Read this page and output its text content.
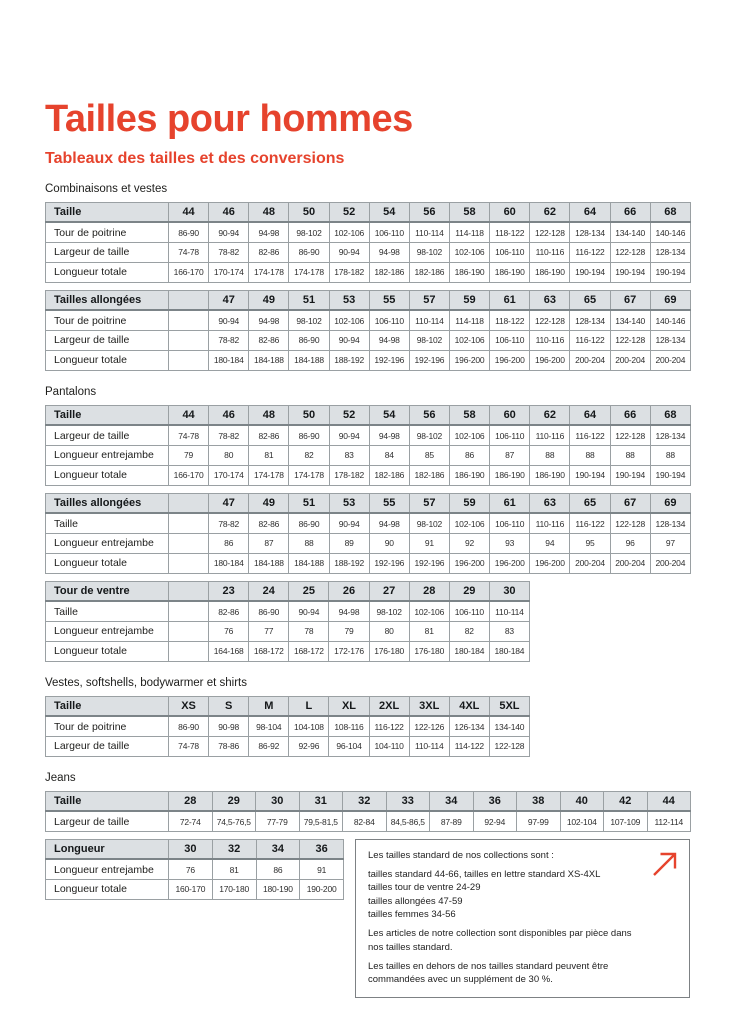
Tailles pour hommes
Tableaux des tailles et des conversions
Combinaisons et vestes
Taille	44	46	48	50	52	54	56	58	60	62	64	66	68
Tour de poitrine	86-90	90-94	94-98	98-102	102-106	106-110	110-114	114-118	118-122	122-128	128-134	134-140	140-146
Largeur de taille	74-78	78-82	82-86	86-90	90-94	94-98	98-102	102-106	106-110	110-116	116-122	122-128	128-134
Longueur totale	166-170	170-174	174-178	174-178	178-182	182-186	182-186	186-190	186-190	186-190	190-194	190-194	190-194
Tailles allongées		47	49	51	53	55	57	59	61	63	65	67	69
Tour de poitrine		90-94	94-98	98-102	102-106	106-110	110-114	114-118	118-122	122-128	128-134	134-140	140-146
Largeur de taille		78-82	82-86	86-90	90-94	94-98	98-102	102-106	106-110	110-116	116-122	122-128	128-134
Longueur totale		180-184	184-188	184-188	188-192	192-196	192-196	196-200	196-200	196-200	200-204	200-204	200-204
Pantalons
Taille	44	46	48	50	52	54	56	58	60	62	64	66	68
Largeur de taille	74-78	78-82	82-86	86-90	90-94	94-98	98-102	102-106	106-110	110-116	116-122	122-128	128-134
Longueur entrejambe	79	80	81	82	83	84	85	86	87	88	88	88	88
Longueur totale	166-170	170-174	174-178	174-178	178-182	182-186	182-186	186-190	186-190	186-190	190-194	190-194	190-194
Tailles allongées		47	49	51	53	55	57	59	61	63	65	67	69
Taille		78-82	82-86	86-90	90-94	94-98	98-102	102-106	106-110	110-116	116-122	122-128	128-134
Longueur entrejambe		86	87	88	89	90	91	92	93	94	95	96	97
Longueur totale		180-184	184-188	184-188	188-192	192-196	192-196	196-200	196-200	196-200	200-204	200-204	200-204
Tour de ventre		23	24	25	26	27	28	29	30
Taille		82-86	86-90	90-94	94-98	98-102	102-106	106-110	110-114
Longueur entrejambe		76	77	78	79	80	81	82	83
Longueur totale		164-168	168-172	168-172	172-176	176-180	176-180	180-184	180-184
Vestes, softshells, bodywarmer et shirts
Taille	XS	S	M	L	XL	2XL	3XL	4XL	5XL
Tour de poitrine	86-90	90-98	98-104	104-108	108-116	116-122	122-126	126-134	134-140
Largeur de taille	74-78	78-86	86-92	92-96	96-104	104-110	110-114	114-122	122-128
Jeans
Taille	28	29	30	31	32	33	34	36	38	40	42	44
Largeur de taille	72-74	74,5-76,5	77-79	79,5-81,5	82-84	84,5-86,5	87-89	92-94	97-99	102-104	107-109	112-114
Longueur	30	32	34	36
Longueur entrejambe	76	81	86	91
Longueur totale	160-170	170-180	180-190	190-200
Les tailles standard de nos collections sont :
tailles standard 44-66, tailles en lettre standard XS-4XL
tailles tour de ventre 24-29
tailles allongées 47-59
tailles femmes 34-56
Les articles de notre collection sont disponibles par pièce dans nos tailles standard.
Les tailles en dehors de nos tailles standard peuvent être commandées avec un supplément de 30 %.
